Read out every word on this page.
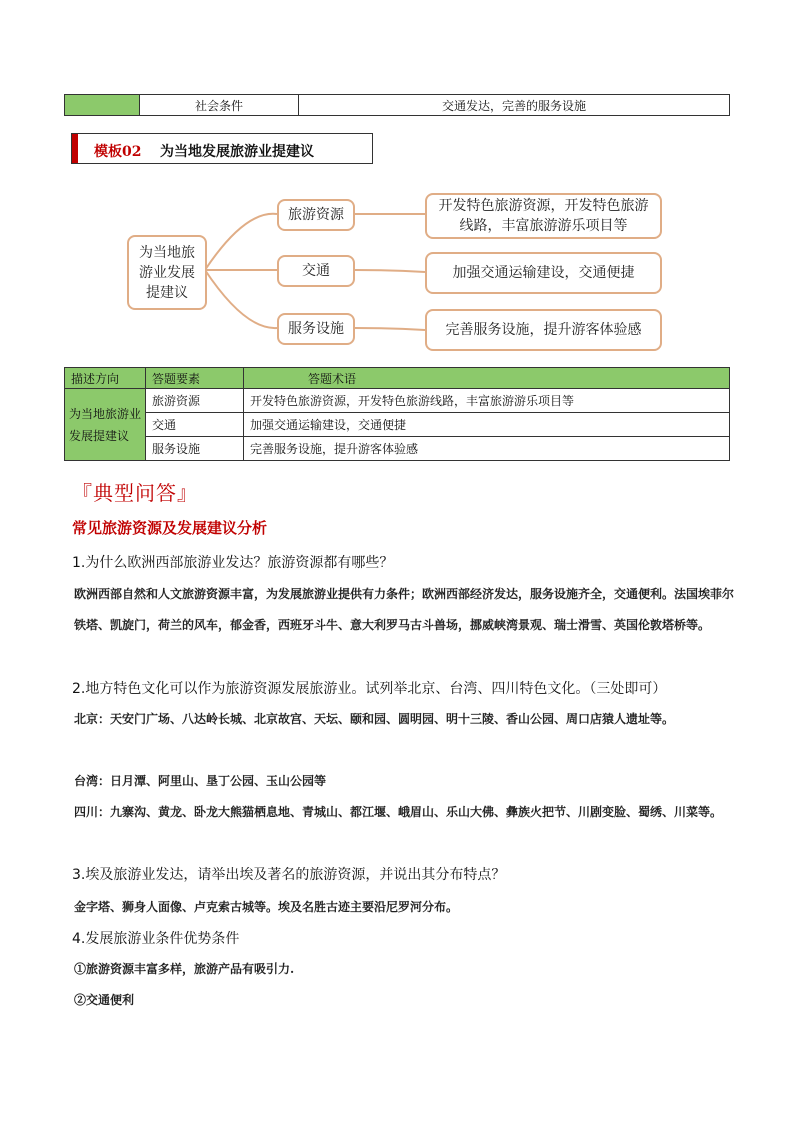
	社会条件	交通发达，完善的服务设施
模板02 为当地发展旅游业提建议
为当地旅
游业发展
提建议
旅游资源
交通
服务设施
开发特色旅游资源，开发特色旅游
线路，丰富旅游游乐项目等
加强交通运输建设，交通便捷
完善服务设施，提升游客体验感
描述方向	答题要素	答题术语
为当地旅游业发展提建议	旅游资源	开发特色旅游资源，开发特色旅游线路，丰富旅游游乐项目等
	交通	加强交通运输建设，交通便捷
	服务设施	完善服务设施，提升游客体验感
『典型问答』
常见旅游资源及发展建议分析
1.为什么欧洲西部旅游业发达？旅游资源都有哪些？
欧洲西部自然和人文旅游资源丰富，为发展旅游业提供有力条件；欧洲西部经济发达，服务设施齐全，交通便利。法国埃菲尔铁塔、凯旋门，荷兰的风车，郁金香，西班牙斗牛、意大利罗马古斗兽场，挪威峡湾景观、瑞士滑雪、英国伦敦塔桥等。
2.地方特色文化可以作为旅游资源发展旅游业。试列举北京、台湾、四川特色文化。（三处即可）
北京：天安门广场、八达岭长城、北京故宫、天坛、颐和园、圆明园、明十三陵、香山公园、周口店猿人遗址等。
台湾：日月潭、阿里山、垦丁公园、玉山公园等
四川：九寨沟、黄龙、卧龙大熊猫栖息地、青城山、都江堰、峨眉山、乐山大佛、彝族火把节、川剧变脸、蜀绣、川菜等。
3.埃及旅游业发达，请举出埃及著名的旅游资源，并说出其分布特点？
金字塔、狮身人面像、卢克索古城等。埃及名胜古迹主要沿尼罗河分布。
4.发展旅游业条件优势条件
①旅游资源丰富多样，旅游产品有吸引力.
②交通便利
